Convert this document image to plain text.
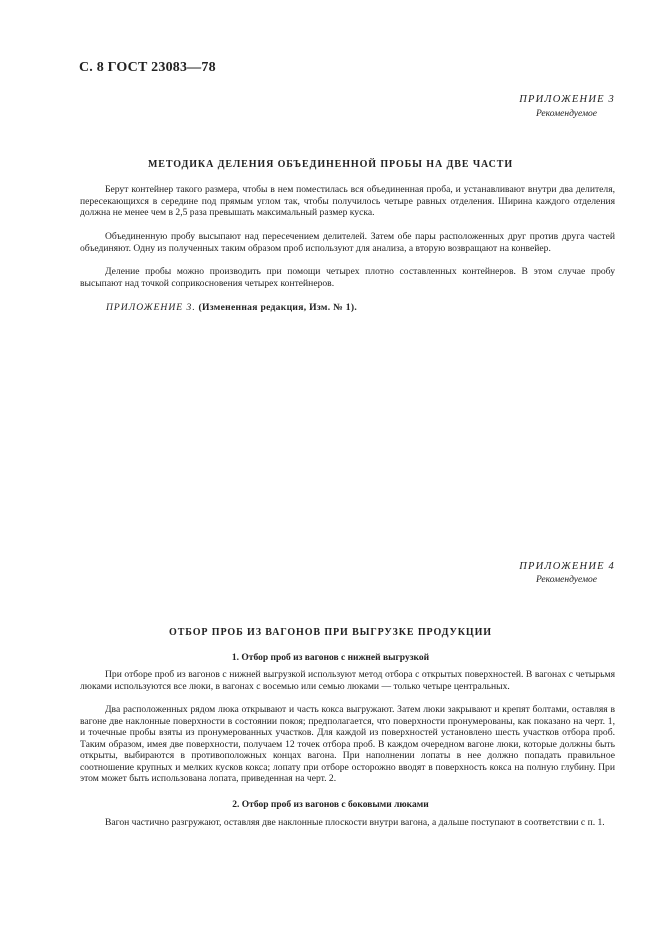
С. 8 ГОСТ 23083—78
ПРИЛОЖЕНИЕ 3
Рекомендуемое
МЕТОДИКА ДЕЛЕНИЯ ОБЪЕДИНЕННОЙ ПРОБЫ НА ДВЕ ЧАСТИ

Берут контейнер такого размера, чтобы в нем поместилась вся объединенная проба, и устанавливают внутри два делителя, пересекающихся в середине под прямым углом так, чтобы получилось четыре равных отделения. Ширина каждого отделения должна не менее чем в 2,5 раза превышать максимальный размер куска.

Объединенную пробу высыпают над пересечением делителей. Затем обе пары расположенных друг против друга частей объединяют. Одну из полученных таким образом проб используют для анализа, а вторую возвращают на конвейер.

Деление пробы можно производить при помощи четырех плотно составленных контейнеров. В этом случае пробу высыпают над точкой соприкосновения четырех контейнеров.

ПРИЛОЖЕНИЕ 3. (Измененная редакция, Изм. № 1).
ПРИЛОЖЕНИЕ 4
Рекомендуемое
ОТБОР ПРОБ ИЗ ВАГОНОВ ПРИ ВЫГРУЗКЕ ПРОДУКЦИИ
1. Отбор проб из вагонов с нижней выгрузкой

При отборе проб из вагонов с нижней выгрузкой используют метод отбора с открытых поверхностей. В вагонах с четырьмя люками используются все люки, в вагонах с восемью или семью люками — только четыре центральных.

Два расположенных рядом люка открывают и часть кокса выгружают. Затем люки закрывают и крепят болтами, оставляя в вагоне две наклонные поверхности в состоянии покоя; предполагается, что поверхности пронумерованы, как показано на черт. 1, и точечные пробы взяты из пронумерованных участков. Для каждой из поверхностей установлено шесть участков отбора проб. Таким образом, имея две поверхности, получаем 12 точек отбора проб. В каждом очередном вагоне люки, которые должны быть открыты, выбираются в противоположных концах вагона. При наполнении лопаты в нее должно попадать правильное соотношение крупных и мелких кусков кокса; лопату при отборе осторожно вводят в поверхность кокса на полную глубину. При этом может быть использована лопата, приведенная на черт. 2.

2. Отбор проб из вагонов с боковыми люками

Вагон частично разгружают, оставляя две наклонные плоскости внутри вагона, а дальше поступают в соответствии с п. 1.
